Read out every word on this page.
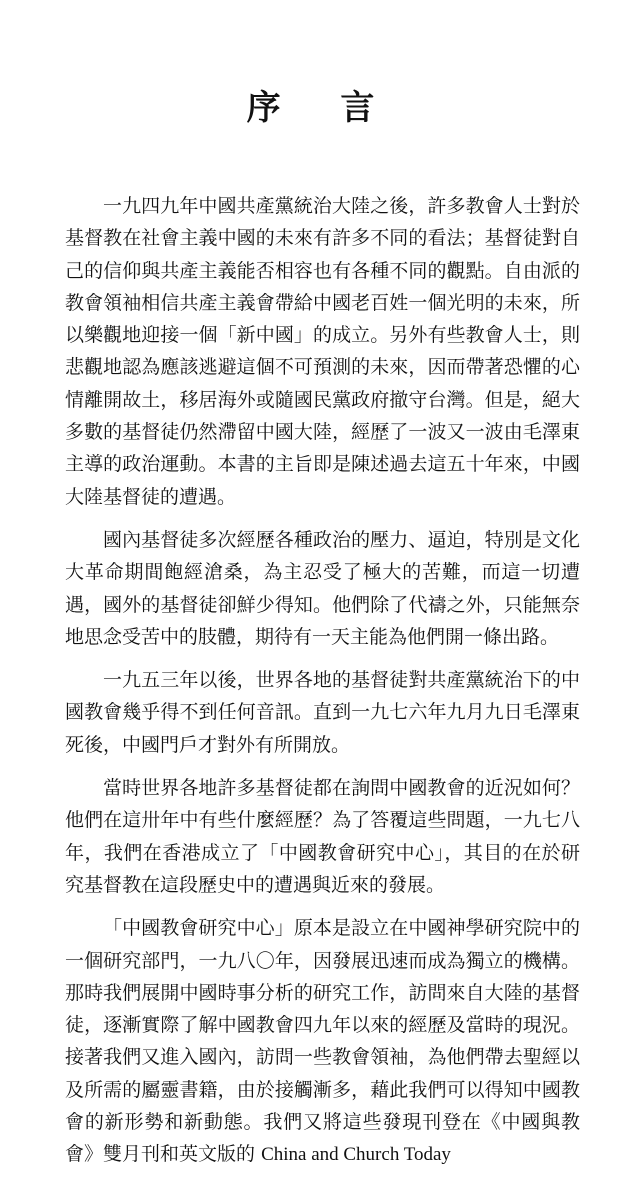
序 言

一九四九年中國共產黨統治大陸之後，許多教會人士對於基督教在社會主義中國的未來有許多不同的看法；基督徒對自己的信仰與共產主義能否相容也有各種不同的觀點。自由派的教會領袖相信共產主義會帶給中國老百姓一個光明的未來，所以樂觀地迎接一個「新中國」的成立。另外有些教會人士，則悲觀地認為應該逃避這個不可預測的未來，因而帶著恐懼的心情離開故土，移居海外或隨國民黨政府撤守台灣。但是，絕大多數的基督徒仍然滯留中國大陸，經歷了一波又一波由毛澤東主導的政治運動。本書的主旨即是陳述過去這五十年來，中國大陸基督徒的遭遇。

國內基督徒多次經歷各種政治的壓力、逼迫，特別是文化大革命期間飽經滄桑，為主忍受了極大的苦難，而這一切遭遇，國外的基督徒卻鮮少得知。他們除了代禱之外，只能無奈地思念受苦中的肢體，期待有一天主能為他們開一條出路。

一九五三年以後，世界各地的基督徒對共產黨統治下的中國教會幾乎得不到任何音訊。直到一九七六年九月九日毛澤東死後，中國門戶才對外有所開放。

當時世界各地許多基督徒都在詢問中國教會的近況如何？他們在這卅年中有些什麼經歷？為了答覆這些問題，一九七八年，我們在香港成立了「中國教會研究中心」，其目的在於研究基督教在這段歷史中的遭遇與近來的發展。

「中國教會研究中心」原本是設立在中國神學研究院中的一個研究部門，一九八〇年，因發展迅速而成為獨立的機構。那時我們展開中國時事分析的研究工作，訪問來自大陸的基督徒，逐漸實際了解中國教會四九年以來的經歷及當時的現況。接著我們又進入國內，訪問一些教會領袖，為他們帶去聖經以及所需的屬靈書籍，由於接觸漸多，藉此我們可以得知中國教會的新形勢和新動態。我們又將這些發現刊登在《中國與教會》雙月刊和英文版的 China and Church Today
